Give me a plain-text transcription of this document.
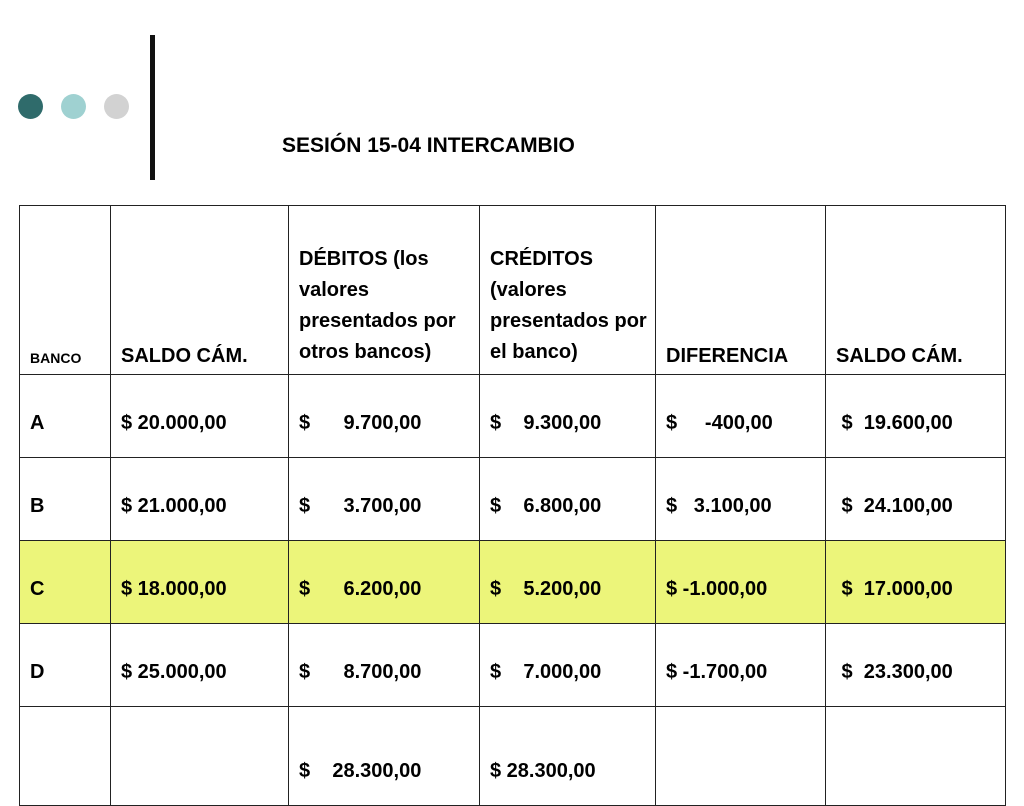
SESIÓN 15-04 INTERCAMBIO
BANCO	SALDO CÁM.	DÉBITOS (los valores presentados por otros bancos)	CRÉDITOS (valores presentados por el banco)	DIFERENCIA	SALDO CÁM.
A	$ 20.000,00	$      9.700,00	$    9.300,00	$     -400,00	$  19.600,00
B	$ 21.000,00	$      3.700,00	$    6.800,00	$   3.100,00	$  24.100,00
C	$ 18.000,00	$      6.200,00	$    5.200,00	$ -1.000,00	$  17.000,00
D	$ 25.000,00	$      8.700,00	$    7.000,00	$ -1.700,00	$  23.300,00
		$    28.300,00	$ 28.300,00		
